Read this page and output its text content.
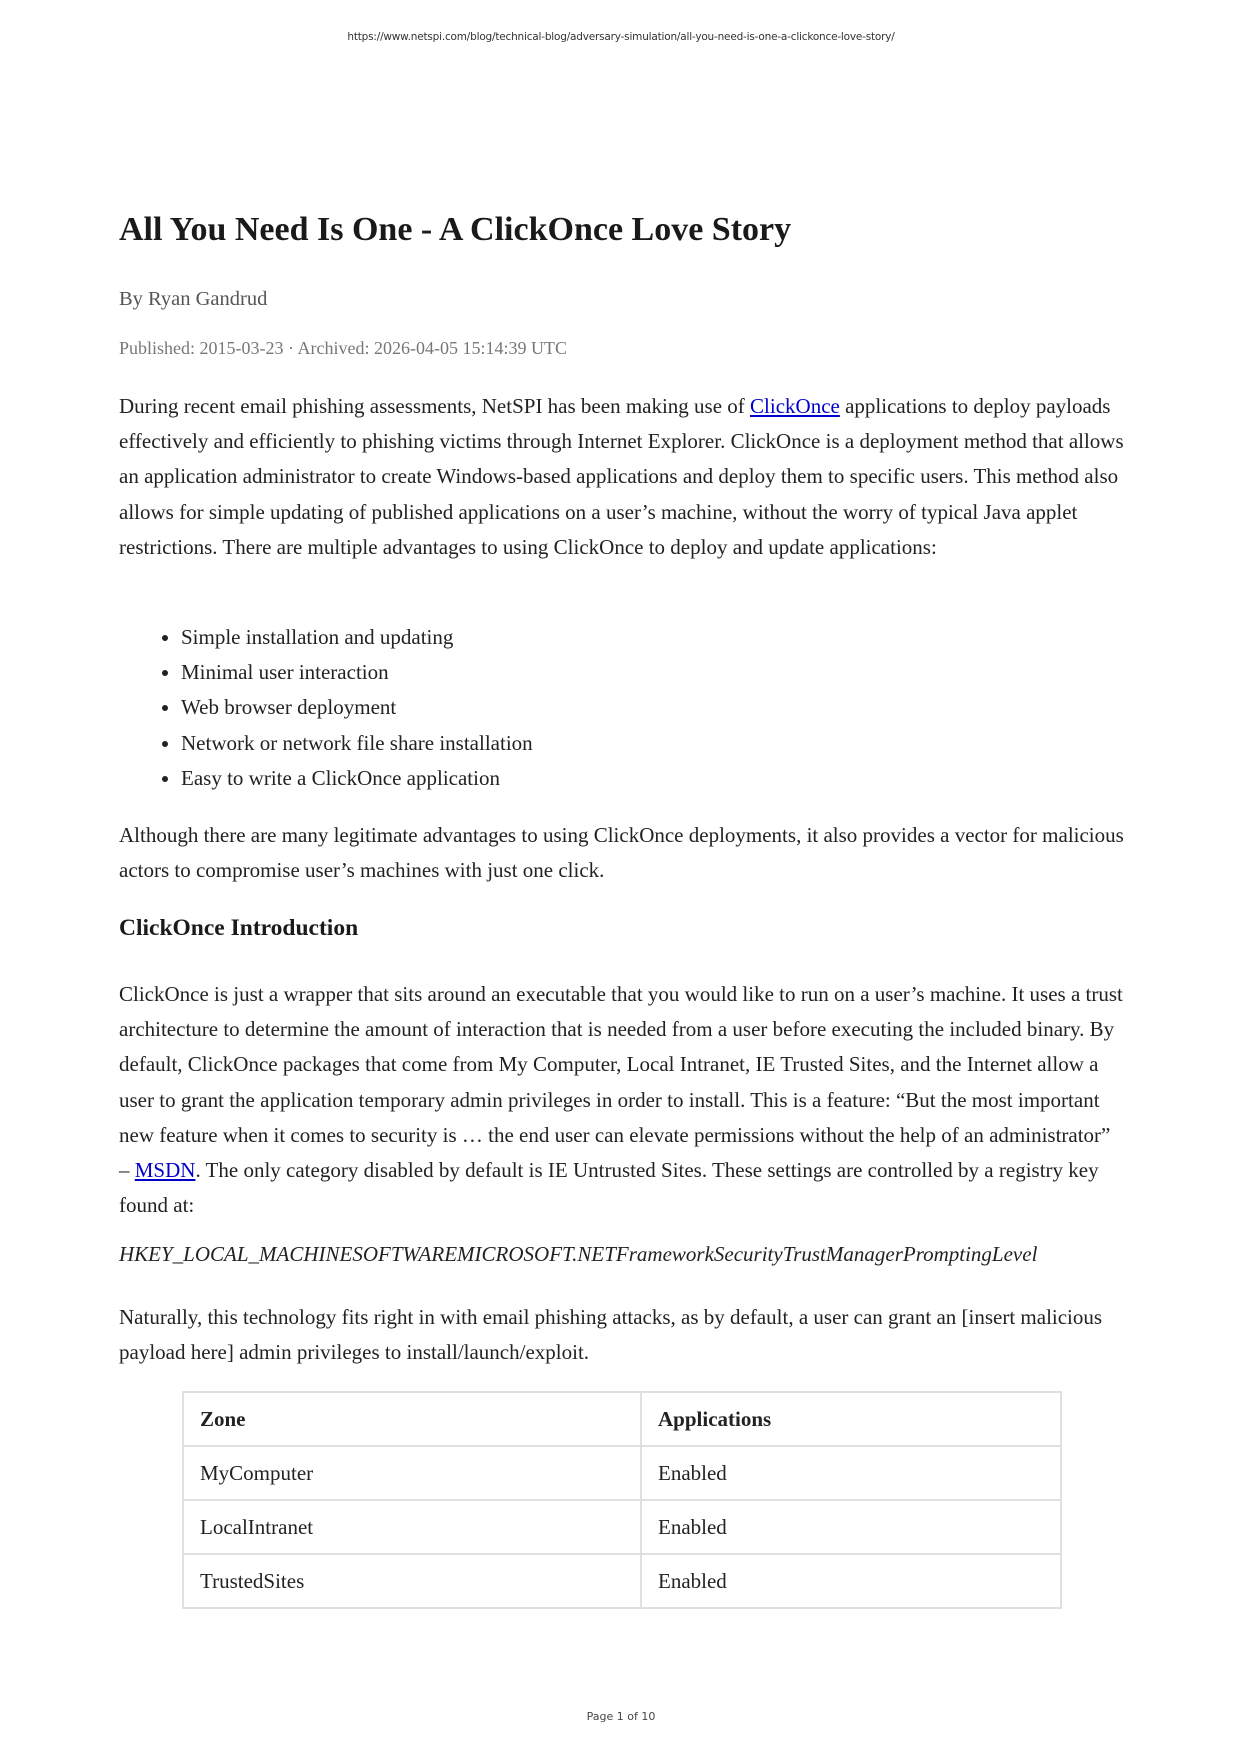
https://www.netspi.com/blog/technical-blog/adversary-simulation/all-you-need-is-one-a-clickonce-love-story/
All You Need Is One - A ClickOnce Love Story
By Ryan Gandrud
Published: 2015-03-23 · Archived: 2026-04-05 15:14:39 UTC

During recent email phishing assessments, NetSPI has been making use of ClickOnce applications to deploy payloads effectively and efficiently to phishing victims through Internet Explorer. ClickOnce is a deployment method that allows an application administrator to create Windows-based applications and deploy them to specific users. This method also allows for simple updating of published applications on a user’s machine, without the worry of typical Java applet restrictions. There are multiple advantages to using ClickOnce to deploy and update applications:

• Simple installation and updating
• Minimal user interaction
• Web browser deployment
• Network or network file share installation
• Easy to write a ClickOnce application

Although there are many legitimate advantages to using ClickOnce deployments, it also provides a vector for malicious actors to compromise user’s machines with just one click.

ClickOnce Introduction

ClickOnce is just a wrapper that sits around an executable that you would like to run on a user’s machine. It uses a trust architecture to determine the amount of interaction that is needed from a user before executing the included binary. By default, ClickOnce packages that come from My Computer, Local Intranet, IE Trusted Sites, and the Internet allow a user to grant the application temporary admin privileges in order to install. This is a feature: “But the most important new feature when it comes to security is … the end user can elevate permissions without the help of an administrator” – MSDN. The only category disabled by default is IE Untrusted Sites. These settings are controlled by a registry key found at:

HKEY_LOCAL_MACHINESOFTWAREMICROSOFT.NETFrameworkSecurityTrustManagerPromptingLevel

Naturally, this technology fits right in with email phishing attacks, as by default, a user can grant an [insert malicious payload here] admin privileges to install/launch/exploit.

Zone	Applications
MyComputer	Enabled
LocalIntranet	Enabled
TrustedSites	Enabled
Page 1 of 10
